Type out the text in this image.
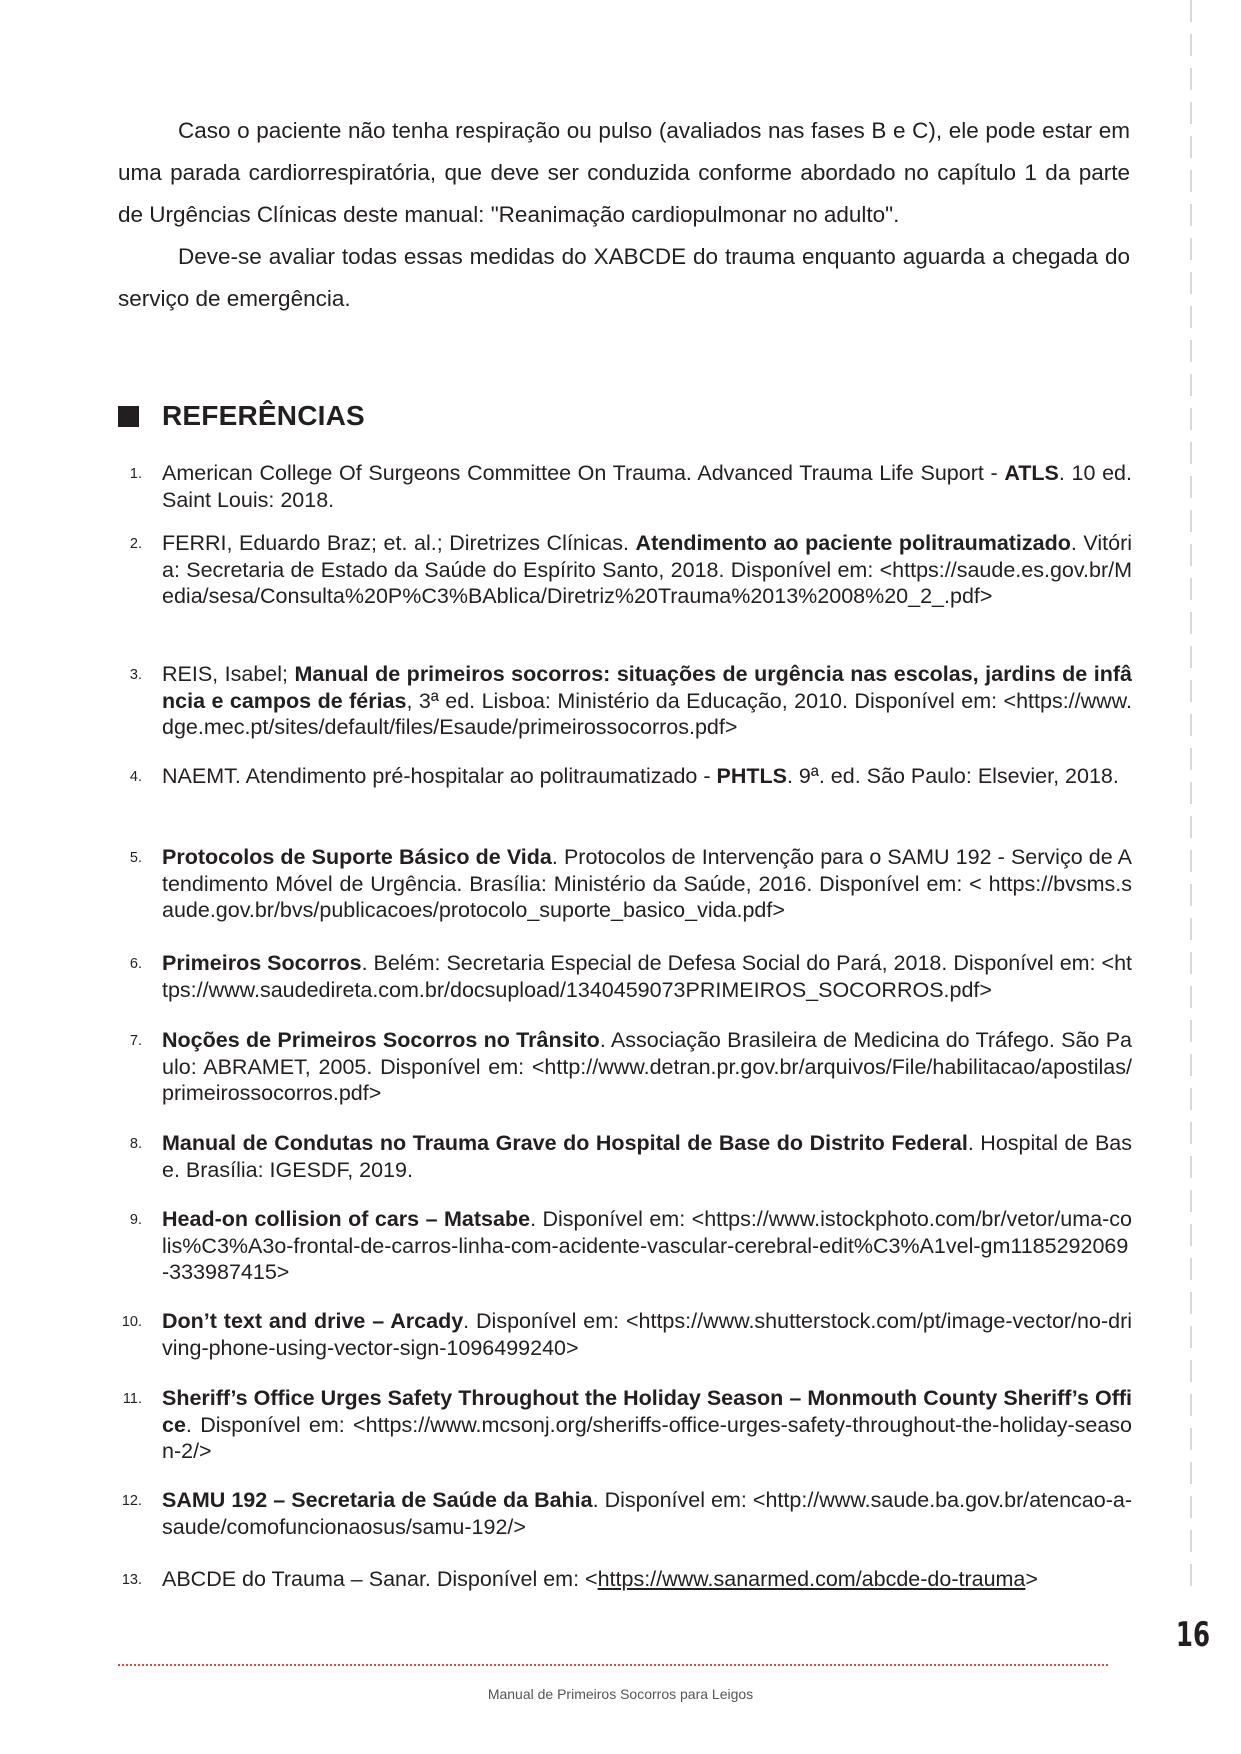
Caso o paciente não tenha respiração ou pulso (avaliados nas fases B e C), ele pode estar em uma parada cardiorrespiratória, que deve ser conduzida conforme abordado no capítulo 1 da parte de Urgências Clínicas deste manual: "Reanimação cardiopulmonar no adulto".

Deve-se avaliar todas essas medidas do XABCDE do trauma enquanto aguarda a chegada do serviço de emergência.

REFERÊNCIAS
1. American College Of Surgeons Committee On Trauma. Advanced Trauma Life Suport - ATLS. 10 ed. Saint Louis: 2018.
2. FERRI, Eduardo Braz; et. al.; Diretrizes Clínicas. Atendimento ao paciente politraumatizado. Vitória: Secretaria de Estado da Saúde do Espírito Santo, 2018. Disponível em: <https://saude.es.gov.br/Media/sesa/Consulta%20P%C3%BAblica/Diretriz%20Trauma%2013%2008%20_2_.pdf>
3. REIS, Isabel; Manual de primeiros socorros: situações de urgência nas escolas, jardins de infância e campos de férias, 3ª ed. Lisboa: Ministério da Educação, 2010. Disponível em: <https://www.dge.mec.pt/sites/default/files/Esaude/primeirossocorros.pdf>
4. NAEMT. Atendimento pré-hospitalar ao politraumatizado - PHTLS. 9ª. ed. São Paulo: Elsevier, 2018.
5. Protocolos de Suporte Básico de Vida. Protocolos de Intervenção para o SAMU 192 - Serviço de Atendimento Móvel de Urgência. Brasília: Ministério da Saúde, 2016. Disponível em: < https://bvsms.saude.gov.br/bvs/publicacoes/protocolo_suporte_basico_vida.pdf>
6. Primeiros Socorros. Belém: Secretaria Especial de Defesa Social do Pará, 2018. Disponível em: <https://www.saudedireta.com.br/docsupload/1340459073PRIMEIROS_SOCORROS.pdf>
7. Noções de Primeiros Socorros no Trânsito. Associação Brasileira de Medicina do Tráfego. São Paulo: ABRAMET, 2005. Disponível em: <http://www.detran.pr.gov.br/arquivos/File/habilitacao/apostilas/primeirossocorros.pdf>
8. Manual de Condutas no Trauma Grave do Hospital de Base do Distrito Federal. Hospital de Base. Brasília: IGESDF, 2019.
9. Head-on collision of cars – Matsabe. Disponível em: <https://www.istockphoto.com/br/vetor/uma-colis%C3%A3o-frontal-de-carros-linha-com-acidente-vascular-cerebral-edit%C3%A1vel-gm1185292069-333987415>
10. Don’t text and drive – Arcady. Disponível em: <https://www.shutterstock.com/pt/image-vector/no-driving-phone-using-vector-sign-1096499240>
11. Sheriff’s Office Urges Safety Throughout the Holiday Season – Monmouth County Sheriff’s Office. Disponível em: <https://www.mcsonj.org/sheriffs-office-urges-safety-throughout-the-holiday-season-2/>
12. SAMU 192 – Secretaria de Saúde da Bahia. Disponível em: <http://www.saude.ba.gov.br/atencao-a-saude/comofuncionaosus/samu-192/>
13. ABCDE do Trauma – Sanar. Disponível em: <https://www.sanarmed.com/abcde-do-trauma>
16
Manual de Primeiros Socorros para Leigos
